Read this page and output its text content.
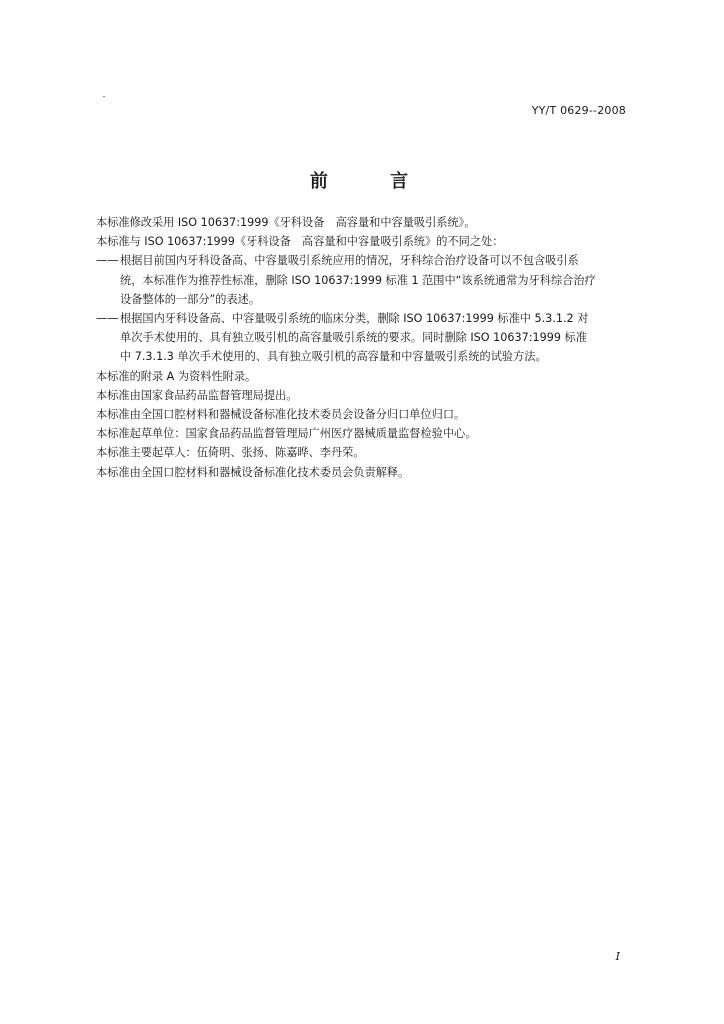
YY/T 0629--2008
前 言

本标准修改采用 ISO 10637:1999《牙科设备　高容量和中容量吸引系统》。

本标准与 ISO 10637:1999《牙科设备　高容量和中容量吸引系统》的不同之处：

—— 根据目前国内牙科设备高、中容量吸引系统应用的情况，牙科综合治疗设备可以不包含吸引系
统，本标准作为推荐性标准，删除 ISO 10637:1999 标准 1 范围中“该系统通常为牙科综合治疗
设备整体的一部分”的表述。
—— 根据国内牙科设备高、中容量吸引系统的临床分类，删除 ISO 10637:1999 标准中 5.3.1.2 对
单次手术使用的、具有独立吸引机的高容量吸引系统的要求。同时删除 ISO 10637:1999 标准
中 7.3.1.3 单次手术使用的、具有独立吸引机的高容量和中容量吸引系统的试验方法。

本标准的附录 A 为资料性附录。

本标准由国家食品药品监督管理局提出。

本标准由全国口腔材料和器械设备标准化技术委员会设备分归口单位归口。

本标准起草单位：国家食品药品监督管理局广州医疗器械质量监督检验中心。

本标准主要起草人：伍倚明、张扬、陈嘉晔、李丹荣。

本标准由全国口腔材料和器械设备标准化技术委员会负责解释。

I
